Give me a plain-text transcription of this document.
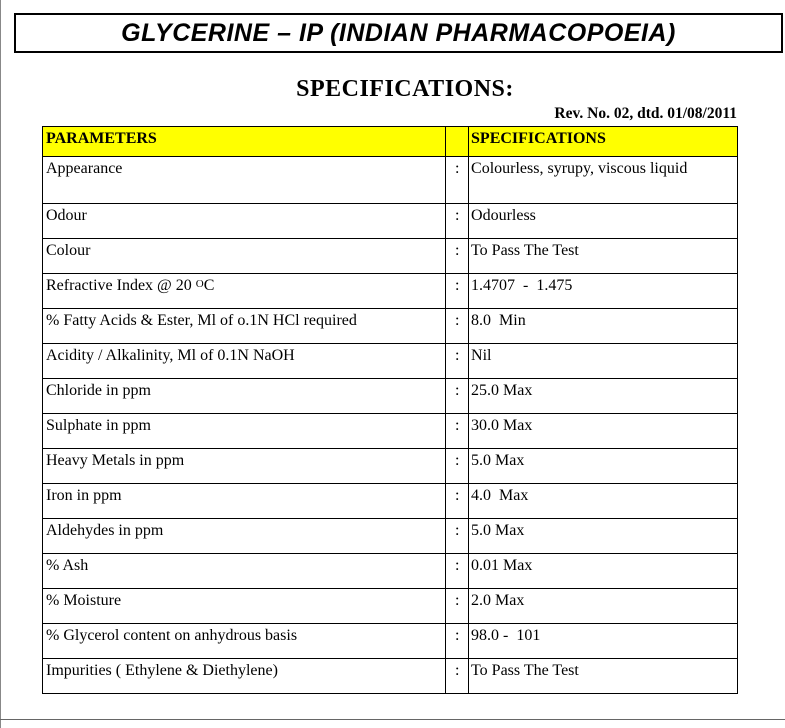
GLYCERINE – IP (INDIAN PHARMACOPOEIA)
SPECIFICATIONS:
Rev. No. 02, dtd. 01/08/2011
PARAMETERS		SPECIFICATIONS
Appearance	:	Colourless, syrupy, viscous liquid
Odour	:	Odourless
Colour	:	To Pass The Test
Refractive Index @ 20 $^O$C	:	1.4707  -  1.475
% Fatty Acids & Ester, Ml of o.1N HCl required	:	8.0  Min
Acidity / Alkalinity, Ml of 0.1N NaOH	:	Nil
Chloride in ppm	:	25.0 Max
Sulphate in ppm	:	30.0 Max
Heavy Metals in ppm	:	5.0 Max
Iron in ppm	:	4.0  Max
Aldehydes in ppm	:	5.0 Max
% Ash	:	0.01 Max
% Moisture	:	2.0 Max
% Glycerol content on anhydrous basis	:	98.0 -  101
Impurities ( Ethylene & Diethylene)	:	To Pass The Test
